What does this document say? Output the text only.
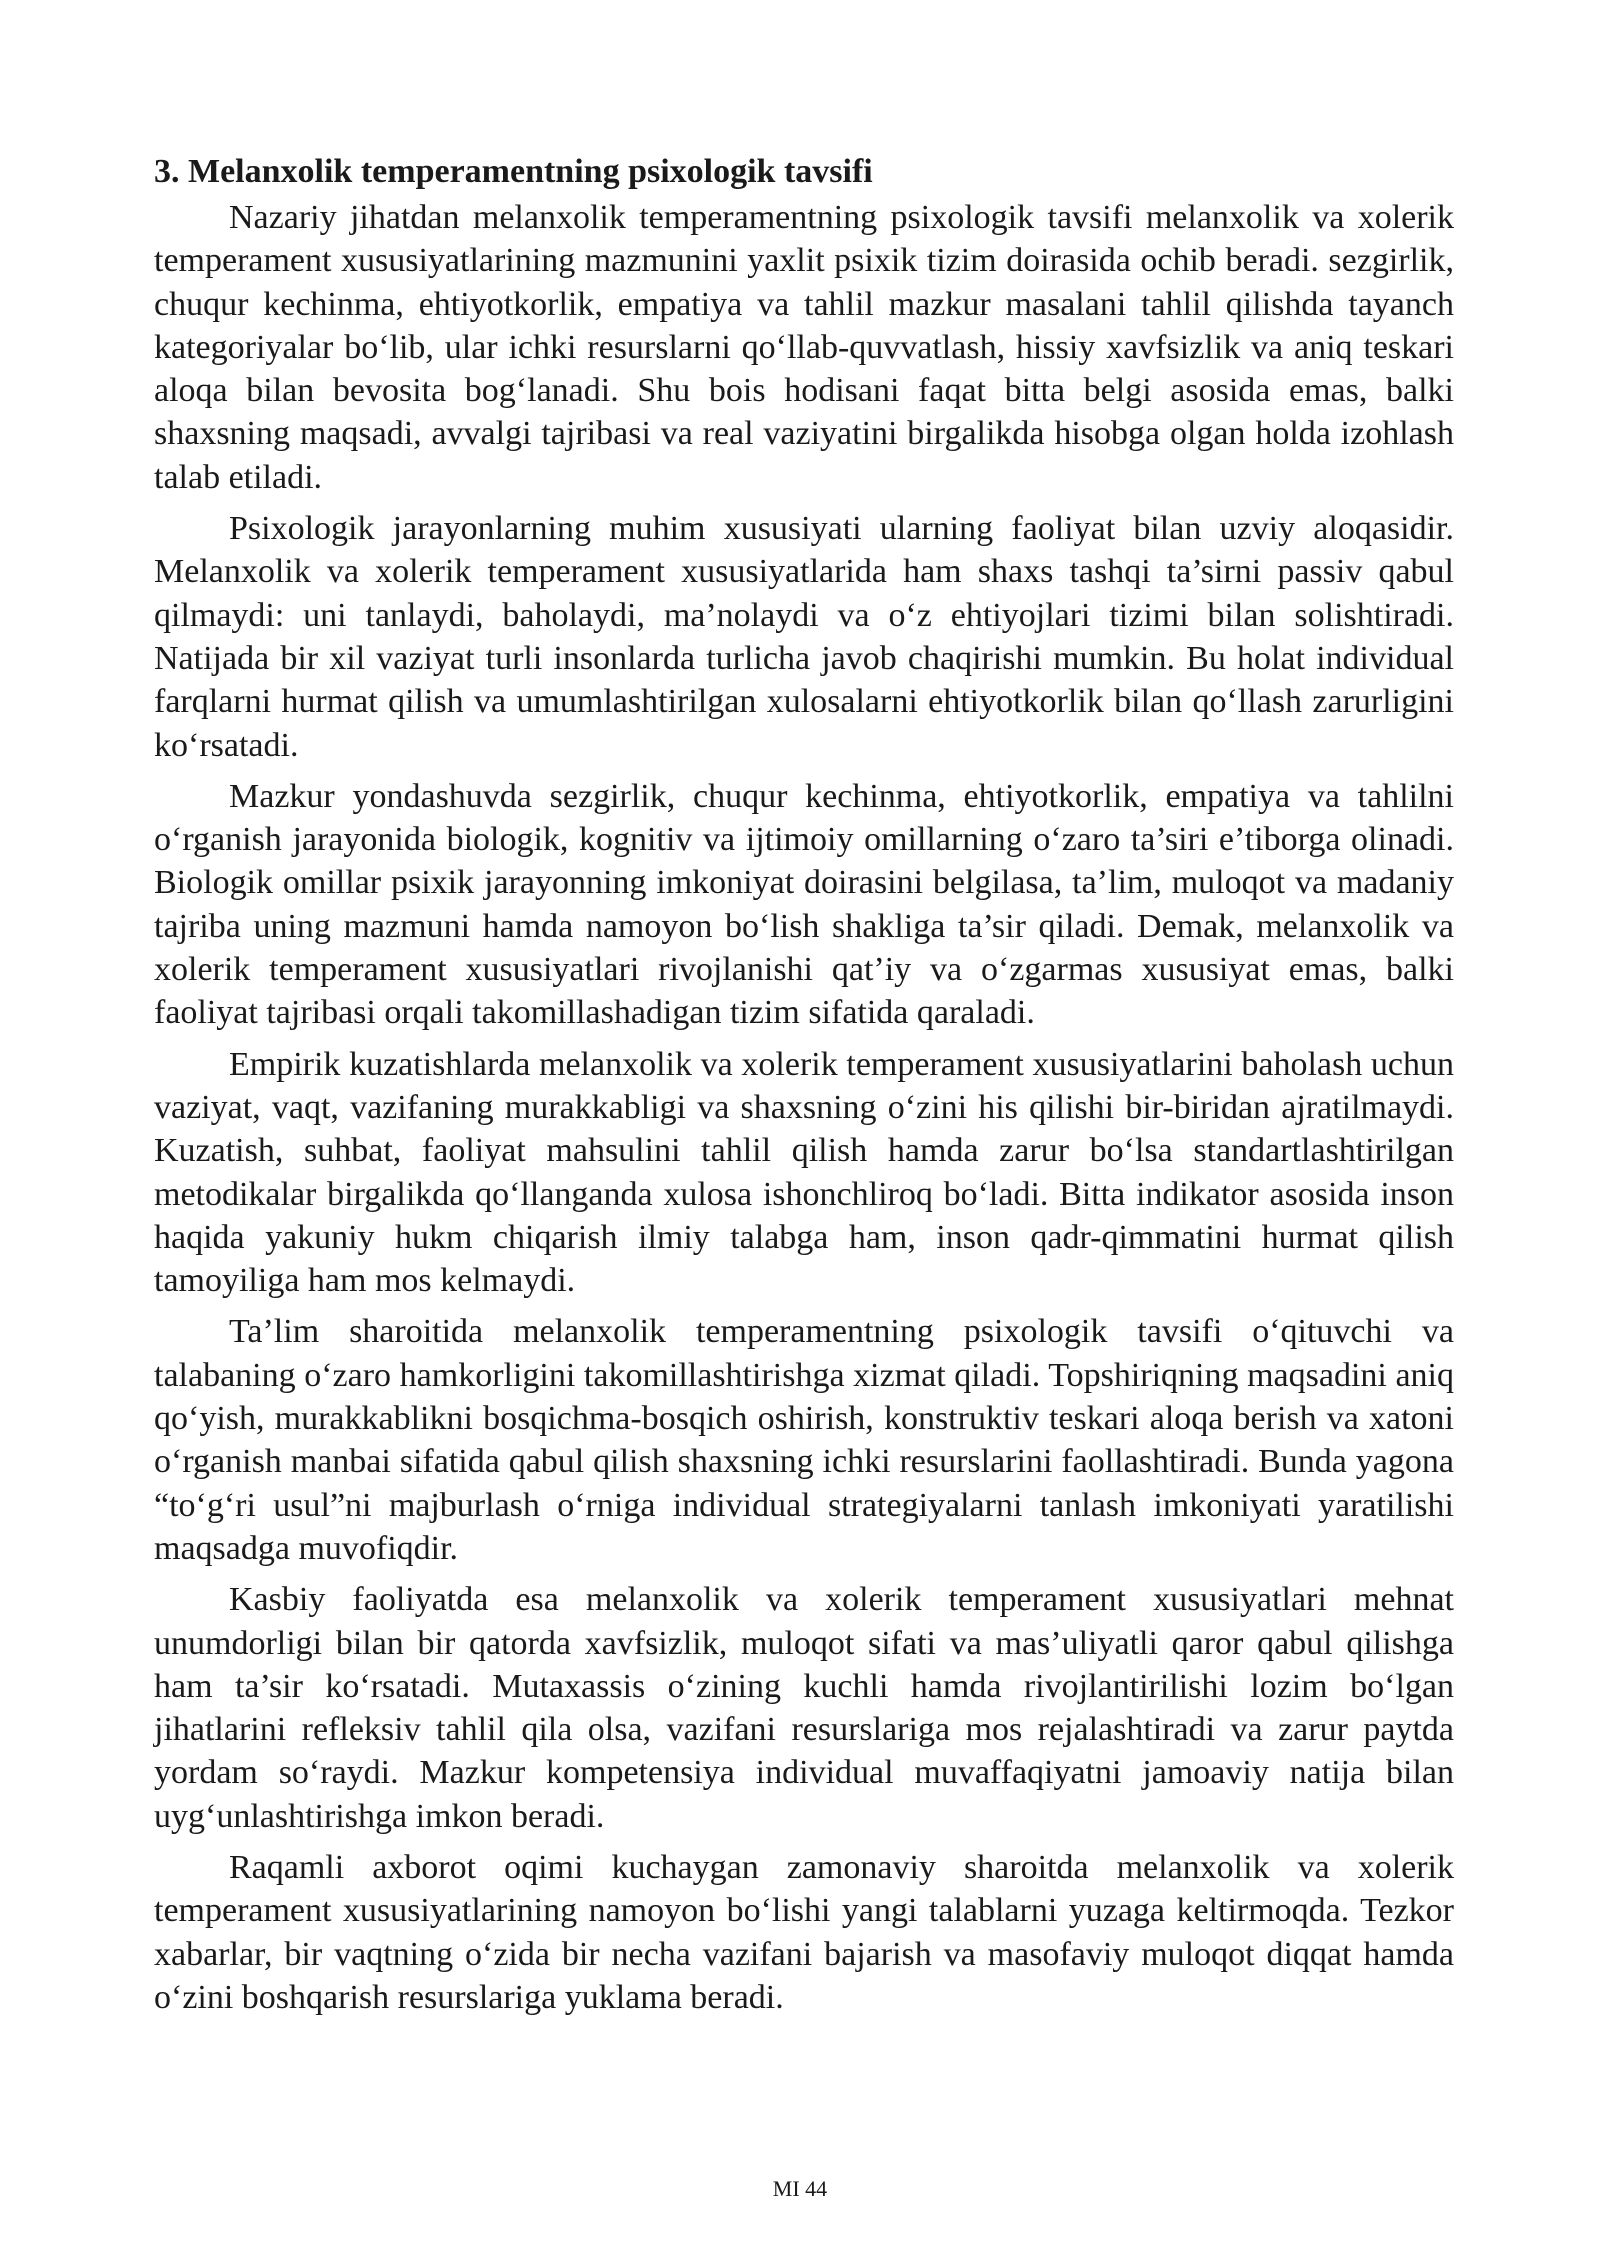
3. Melanxolik temperamentning psixologik tavsifi

Nazariy jihatdan melanxolik temperamentning psixologik tavsifi melanxolik va xolerik temperament xususiyatlarining mazmunini yaxlit psixik tizim doirasida ochib beradi. sezgirlik, chuqur kechinma, ehtiyotkorlik, empatiya va tahlil mazkur masalani tahlil qilishda tayanch kategoriyalar bo‘lib, ular ichki resurslarni qo‘llab-quvvatlash, hissiy xavfsizlik va aniq teskari aloqa bilan bevosita bog‘lanadi. Shu bois hodisani faqat bitta belgi asosida emas, balki shaxsning maqsadi, avvalgi tajribasi va real vaziyatini birgalikda hisobga olgan holda izohlash talab etiladi.

Psixologik jarayonlarning muhim xususiyati ularning faoliyat bilan uzviy aloqasidir. Melanxolik va xolerik temperament xususiyatlarida ham shaxs tashqi ta’sirni passiv qabul qilmaydi: uni tanlaydi, baholaydi, ma’nolaydi va o‘z ehtiyojlari tizimi bilan solishtiradi. Natijada bir xil vaziyat turli insonlarda turlicha javob chaqirishi mumkin. Bu holat individual farqlarni hurmat qilish va umumlashtirilgan xulosalarni ehtiyotkorlik bilan qo‘llash zarurligini ko‘rsatadi.

Mazkur yondashuvda sezgirlik, chuqur kechinma, ehtiyotkorlik, empatiya va tahlilni o‘rganish jarayonida biologik, kognitiv va ijtimoiy omillarning o‘zaro ta’siri e’tiborga olinadi. Biologik omillar psixik jarayonning imkoniyat doirasini belgilasa, ta’lim, muloqot va madaniy tajriba uning mazmuni hamda namoyon bo‘lish shakliga ta’sir qiladi. Demak, melanxolik va xolerik temperament xususiyatlari rivojlanishi qat’iy va o‘zgarmas xususiyat emas, balki faoliyat tajribasi orqali takomillashadigan tizim sifatida qaraladi.

Empirik kuzatishlarda melanxolik va xolerik temperament xususiyatlarini baholash uchun vaziyat, vaqt, vazifaning murakkabligi va shaxsning o‘zini his qilishi bir-biridan ajratilmaydi. Kuzatish, suhbat, faoliyat mahsulini tahlil qilish hamda zarur bo‘lsa standartlashtirilgan metodikalar birgalikda qo‘llanganda xulosa ishonchliroq bo‘ladi. Bitta indikator asosida inson haqida yakuniy hukm chiqarish ilmiy talabga ham, inson qadr-qimmatini hurmat qilish tamoyiliga ham mos kelmaydi.

Ta’lim sharoitida melanxolik temperamentning psixologik tavsifi o‘qituvchi va talabaning o‘zaro hamkorligini takomillashtirishga xizmat qiladi. Topshiriqning maqsadini aniq qo‘yish, murakkablikni bosqichma-bosqich oshirish, konstruktiv teskari aloqa berish va xatoni o‘rganish manbai sifatida qabul qilish shaxsning ichki resurslarini faollashtiradi. Bunda yagona “to‘g‘ri usul”ni majburlash o‘rniga individual strategiyalarni tanlash imkoniyati yaratilishi maqsadga muvofiqdir.

Kasbiy faoliyatda esa melanxolik va xolerik temperament xususiyatlari mehnat unumdorligi bilan bir qatorda xavfsizlik, muloqot sifati va mas’uliyatli qaror qabul qilishga ham ta’sir ko‘rsatadi. Mutaxassis o‘zining kuchli hamda rivojlantirilishi lozim bo‘lgan jihatlarini refleksiv tahlil qila olsa, vazifani resurslariga mos rejalashtiradi va zarur paytda yordam so‘raydi. Mazkur kompetensiya individual muvaffaqiyatni jamoaviy natija bilan uyg‘unlashtirishga imkon beradi.

Raqamli axborot oqimi kuchaygan zamonaviy sharoitda melanxolik va xolerik temperament xususiyatlarining namoyon bo‘lishi yangi talablarni yuzaga keltirmoqda. Tezkor xabarlar, bir vaqtning o‘zida bir necha vazifani bajarish va masofaviy muloqot diqqat hamda o‘zini boshqarish resurslariga yuklama beradi.

MI 44
